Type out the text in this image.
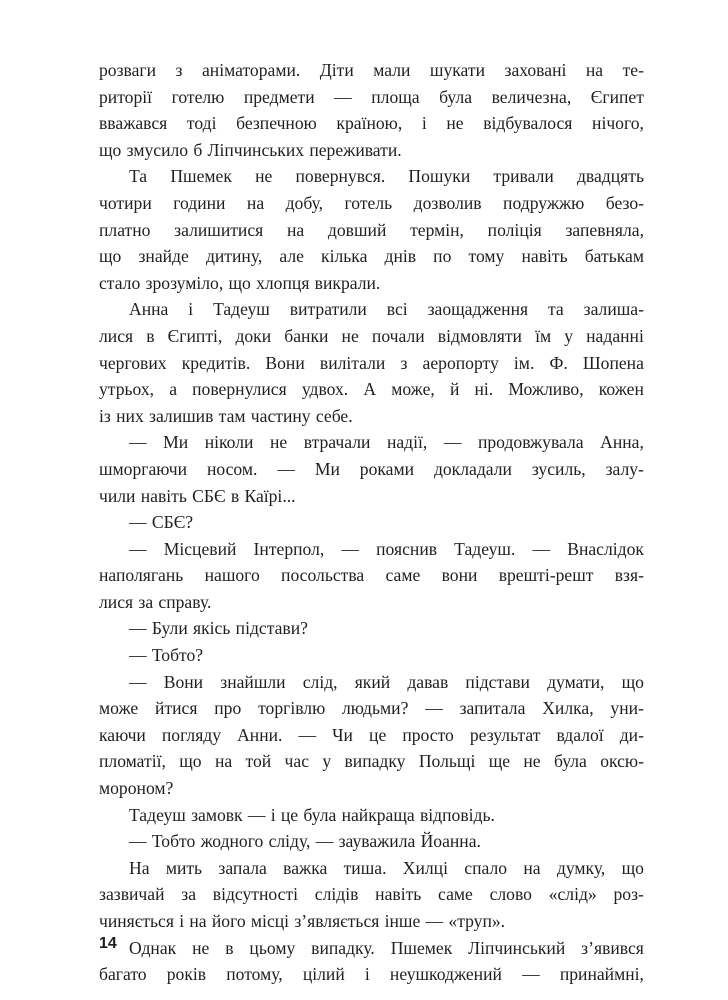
розваги з аніматорами. Діти мали шукати заховані на те-
риторії готелю предмети — площа була величезна, Єгипет
вважався тоді безпечною країною, і не відбувалося нічого,
що змусило б Ліпчинських переживати.
Та Пшемек не повернувся. Пошуки тривали двадцять
чотири години на добу, готель дозволив подружжю безо-
платно залишитися на довший термін, поліція запевняла,
що знайде дитину, але кілька днів по тому навіть батькам
стало зрозуміло, що хлопця викрали.
Анна і Тадеуш витратили всі заощадження та залиша-
лися в Єгипті, доки банки не почали відмовляти їм у наданні
чергових кредитів. Вони вилітали з аеропорту ім. Ф. Шопена
утрьох, а повернулися удвох. А може, й ні. Можливо, кожен
із них залишив там частину себе.
— Ми ніколи не втрачали надії, — продовжувала Анна,
шморгаючи носом. — Ми роками докладали зусиль, залу-
чили навіть СБЄ в Каїрі...
— СБЄ?
— Місцевий Інтерпол, — пояснив Тадеуш. — Внаслідок
наполягань нашого посольства саме вони врешті-решт взя-
лися за справу.
— Були якісь підстави?
— Тобто?
— Вони знайшли слід, який давав підстави думати, що
може йтися про торгівлю людьми? — запитала Хилка, уни-
каючи погляду Анни. — Чи це просто результат вдалої ди-
пломатії, що на той час у випадку Польщі ще не була оксю-
мороном?
Тадеуш замовк — і це була найкраща відповідь.
— Тобто жодного сліду, — зауважила Йоанна.
На мить запала важка тиша. Хилці спало на думку, що
зазвичай за відсутності слідів навіть саме слово «слід» роз-
чиняється і на його місці з’являється інше — «труп».
Однак не в цьому випадку. Пшемек Ліпчинський з’явився
багато років потому, цілий і неушкоджений — принаймні,
14
